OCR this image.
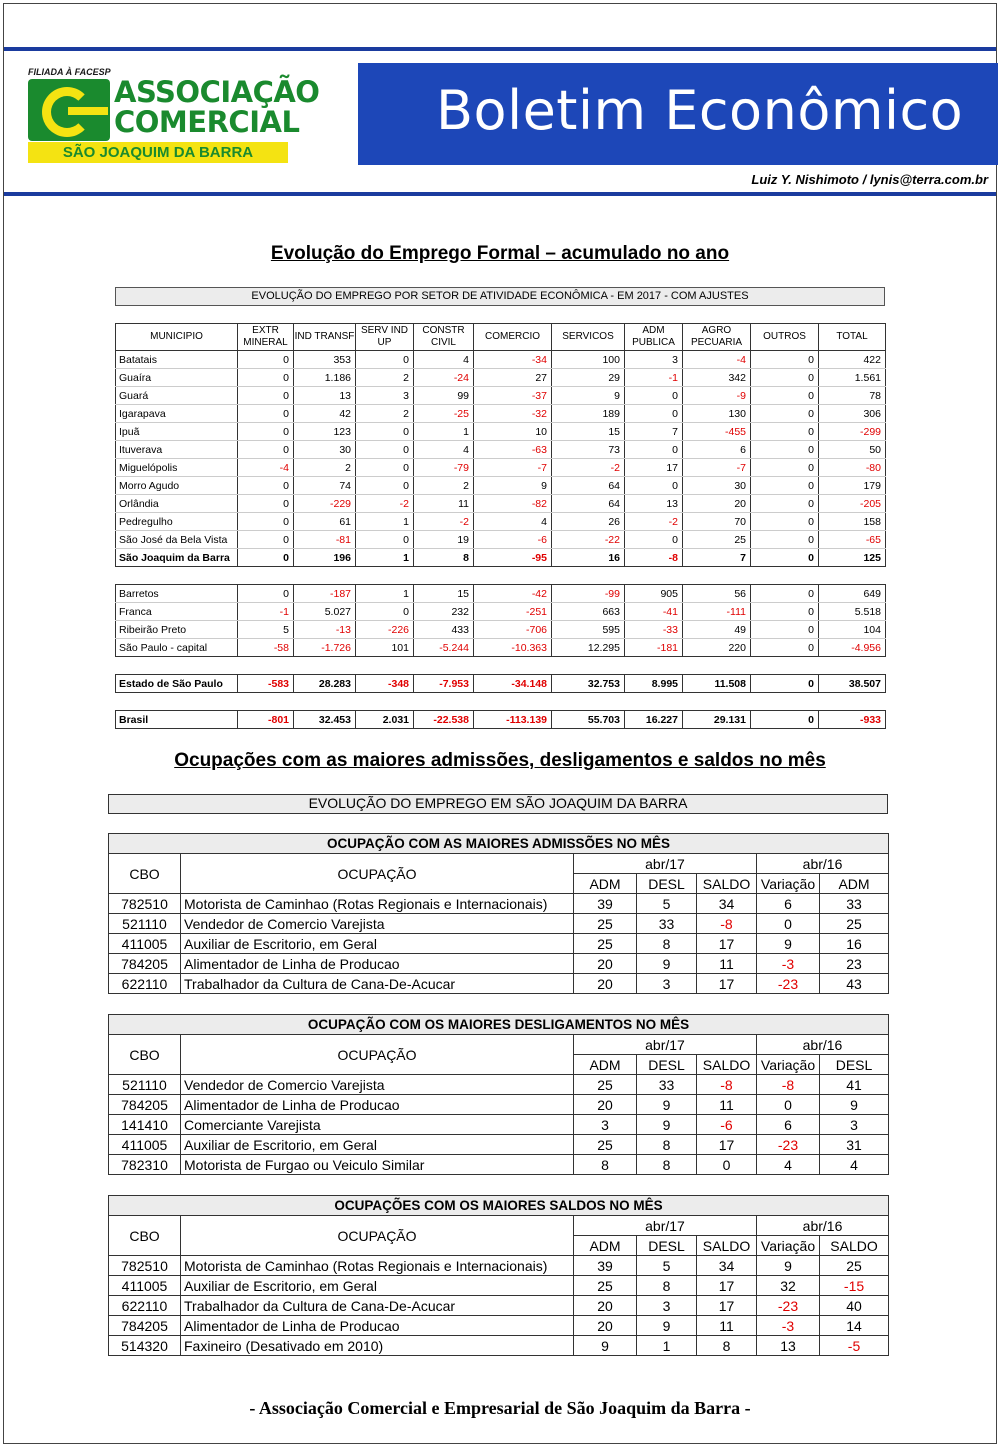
FILIADA À FACESP
ASSOCIAÇÃO
COMERCIAL
SÃO JOAQUIM DA BARRA
Boletim Econômico
Luiz Y. Nishimoto / lynis@terra.com.br
Evolução do Emprego Formal – acumulado no ano
EVOLUÇÃO DO EMPREGO POR SETOR DE ATIVIDADE ECONÔMICA - EM 2017 - COM AJUSTES
MUNICIPIO	EXTR MINERAL	IND TRANSF	SERV IND UP	CONSTR CIVIL	COMERCIO	SERVICOS	ADM PUBLICA	AGRO PECUARIA	OUTROS	TOTAL
Batatais	0	353	0	4	-34	100	3	-4	0	422
Guaíra	0	1.186	2	-24	27	29	-1	342	0	1.561
Guará	0	13	3	99	-37	9	0	-9	0	78
Igarapava	0	42	2	-25	-32	189	0	130	0	306
Ipuã	0	123	0	1	10	15	7	-455	0	-299
Ituverava	0	30	0	4	-63	73	0	6	0	50
Miguelópolis	-4	2	0	-79	-7	-2	17	-7	0	-80
Morro Agudo	0	74	0	2	9	64	0	30	0	179
Orlândia	0	-229	-2	11	-82	64	13	20	0	-205
Pedregulho	0	61	1	-2	4	26	-2	70	0	158
São José da Bela Vista	0	-81	0	19	-6	-22	0	25	0	-65
São Joaquim da Barra	0	196	1	8	-95	16	-8	7	0	125

Barretos	0	-187	1	15	-42	-99	905	56	0	649
Franca	-1	5.027	0	232	-251	663	-41	-111	0	5.518
Ribeirão Preto	5	-13	-226	433	-706	595	-33	49	0	104
São Paulo - capital	-58	-1.726	101	-5.244	-10.363	12.295	-181	220	0	-4.956

Estado de São Paulo	-583	28.283	-348	-7.953	-34.148	32.753	8.995	11.508	0	38.507

Brasil	-801	32.453	2.031	-22.538	-113.139	55.703	16.227	29.131	0	-933
Ocupações com as maiores admissões, desligamentos e saldos no mês
EVOLUÇÃO DO EMPREGO EM SÃO JOAQUIM DA BARRA
OCUPAÇÃO COM AS MAIORES ADMISSÕES NO MÊS						
CBO	OCUPAÇÃO	abr/17			abr/16	
		ADM	DESL	SALDO	Variação	ADM
782510	Motorista de Caminhao (Rotas Regionais e Internacionais)	39	5	34	6	33
521110	Vendedor de Comercio Varejista	25	33	-8	0	25
411005	Auxiliar de Escritorio, em Geral	25	8	17	9	16
784205	Alimentador de Linha de Producao	20	9	11	-3	23
622110	Trabalhador da Cultura de Cana-De-Acucar	20	3	17	-23	43
OCUPAÇÃO COM OS MAIORES DESLIGAMENTOS NO MÊS						
CBO	OCUPAÇÃO	abr/17			abr/16	
		ADM	DESL	SALDO	Variação	DESL
521110	Vendedor de Comercio Varejista	25	33	-8	-8	41
784205	Alimentador de Linha de Producao	20	9	11	0	9
141410	Comerciante Varejista	3	9	-6	6	3
411005	Auxiliar de Escritorio, em Geral	25	8	17	-23	31
782310	Motorista de Furgao ou Veiculo Similar	8	8	0	4	4
OCUPAÇÕES COM OS MAIORES SALDOS NO MÊS						
CBO	OCUPAÇÃO	abr/17			abr/16	
		ADM	DESL	SALDO	Variação	SALDO
782510	Motorista de Caminhao (Rotas Regionais e Internacionais)	39	5	34	9	25
411005	Auxiliar de Escritorio, em Geral	25	8	17	32	-15
622110	Trabalhador da Cultura de Cana-De-Acucar	20	3	17	-23	40
784205	Alimentador de Linha de Producao	20	9	11	-3	14
514320	Faxineiro (Desativado em 2010)	9	1	8	13	-5
- Associação Comercial e Empresarial de São Joaquim da Barra -
